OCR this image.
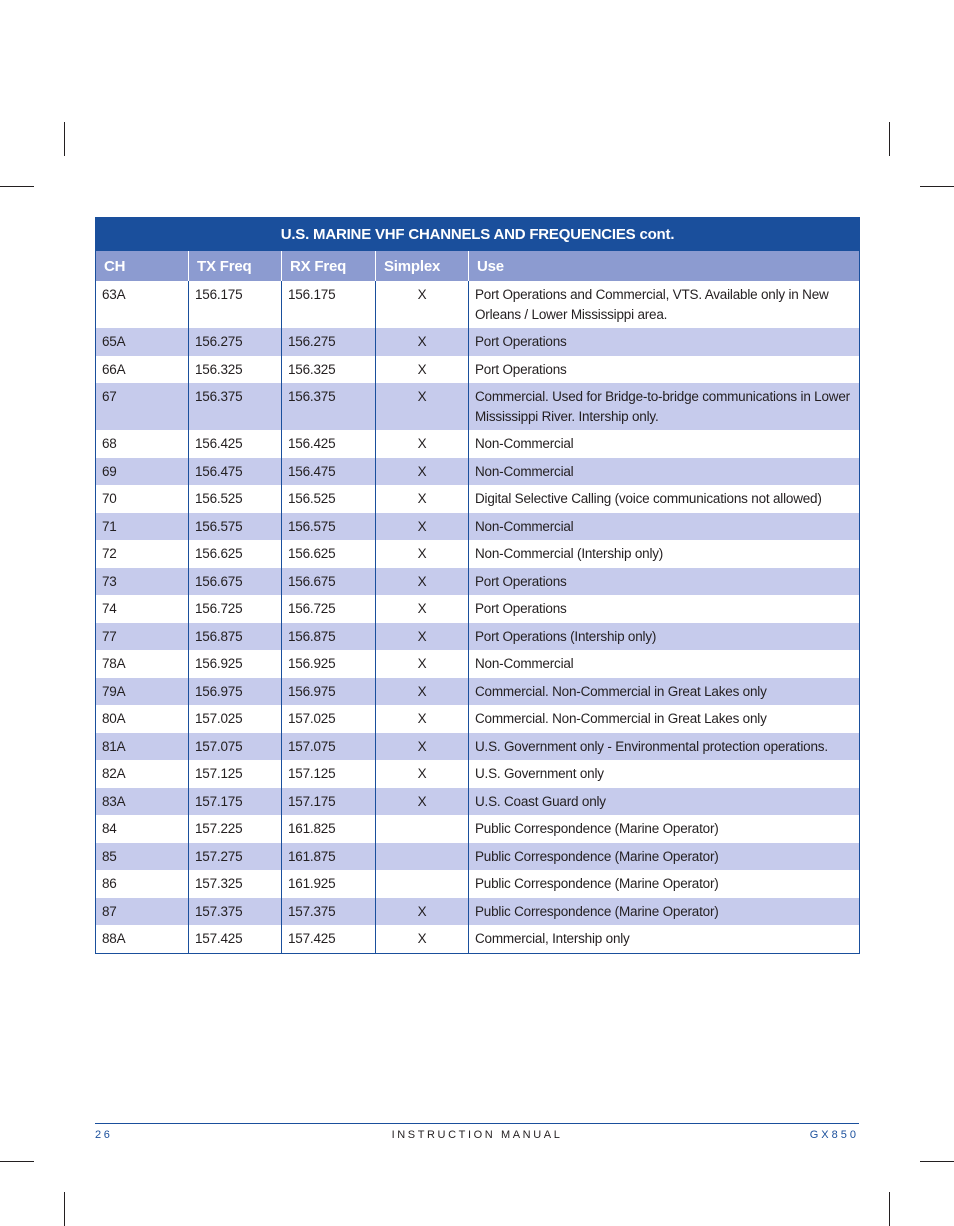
U.S. MARINE VHF CHANNELS AND FREQUENCIES cont.				
CH	TX Freq	RX Freq	Simplex	Use
63A	156.175	156.175	X	Port Operations and Commercial, VTS. Available only in New Orleans / Lower Mississippi area.
65A	156.275	156.275	X	Port Operations
66A	156.325	156.325	X	Port Operations
67	156.375	156.375	X	Commercial. Used for Bridge-to-bridge communications in Lower Mississippi River. Intership only.
68	156.425	156.425	X	Non-Commercial
69	156.475	156.475	X	Non-Commercial
70	156.525	156.525	X	Digital Selective Calling (voice communications not allowed)
71	156.575	156.575	X	Non-Commercial
72	156.625	156.625	X	Non-Commercial (Intership only)
73	156.675	156.675	X	Port Operations
74	156.725	156.725	X	Port Operations
77	156.875	156.875	X	Port Operations (Intership only)
78A	156.925	156.925	X	Non-Commercial
79A	156.975	156.975	X	Commercial. Non-Commercial in Great Lakes only
80A	157.025	157.025	X	Commercial. Non-Commercial in Great Lakes only
81A	157.075	157.075	X	U.S. Government only - Environmental protection operations.
82A	157.125	157.125	X	U.S. Government only
83A	157.175	157.175	X	U.S. Coast Guard only
84	157.225	161.825		Public Correspondence (Marine Operator)
85	157.275	161.875		Public Correspondence (Marine Operator)
86	157.325	161.925		Public Correspondence (Marine Operator)
87	157.375	157.375	X	Public Correspondence (Marine Operator)
88A	157.425	157.425	X	Commercial, Intership only
26	INSTRUCTION MANUAL	GX850
